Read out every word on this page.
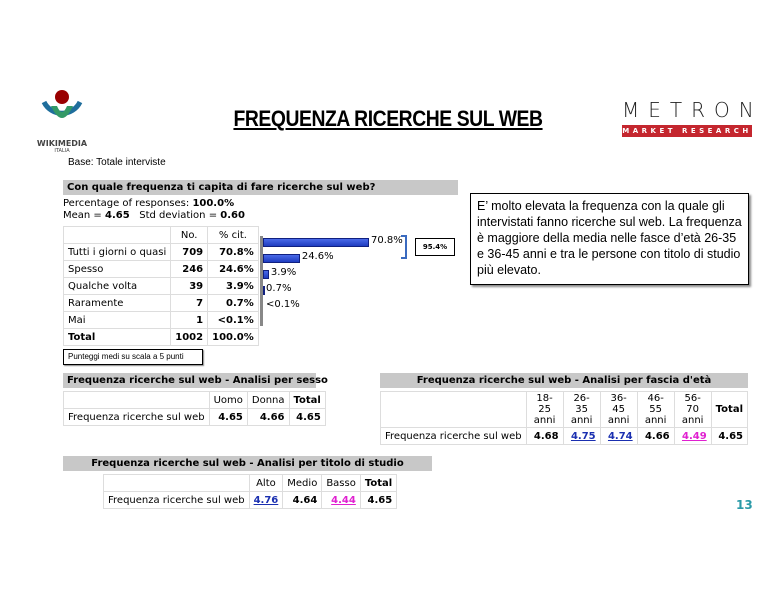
WIKIMEDIA
ITALIA
FREQUENZA RICERCHE SUL WEB	METRON
MARKET RESEARCH
Base: Totale interviste
Con quale frequenza ti capita di fare ricerche sul web?
Percentage of responses: 100.0%
Mean = 4.65 Std deviation = 0.60
	No.	% cit.
Tutti i giorni o quasi	709	70.8%
Spesso	246	24.6%
Qualche volta	39	3.9%
Raramente	7	0.7%
Mai	1	<0.1%
Total	1002	100.0%
70.8%
24.6%
3.9%
0.7%
<0.1%
95.4%
E’ molto elevata la frequenza con la quale gli intervistati fanno ricerche sul web. La frequenza è maggiore della media nelle fasce d’età 26-35 e 36-45 anni e tra le persone con titolo di studio più elevato.
Punteggi medi su scala a 5 punti
Frequenza ricerche sul web - Analisi per sesso
	Uomo	Donna	Total
Frequenza ricerche sul web	4.65	4.66	4.65
Frequenza ricerche sul web - Analisi per fascia d'età
	18-25 anni	26-35 anni	36-45 anni	46-55 anni	56-70 anni	Total
Frequenza ricerche sul web	4.68	4.75	4.74	4.66	4.49	4.65
Frequenza ricerche sul web - Analisi per titolo di studio
	Alto	Medio	Basso	Total
Frequenza ricerche sul web	4.76	4.64	4.44	4.65	13
